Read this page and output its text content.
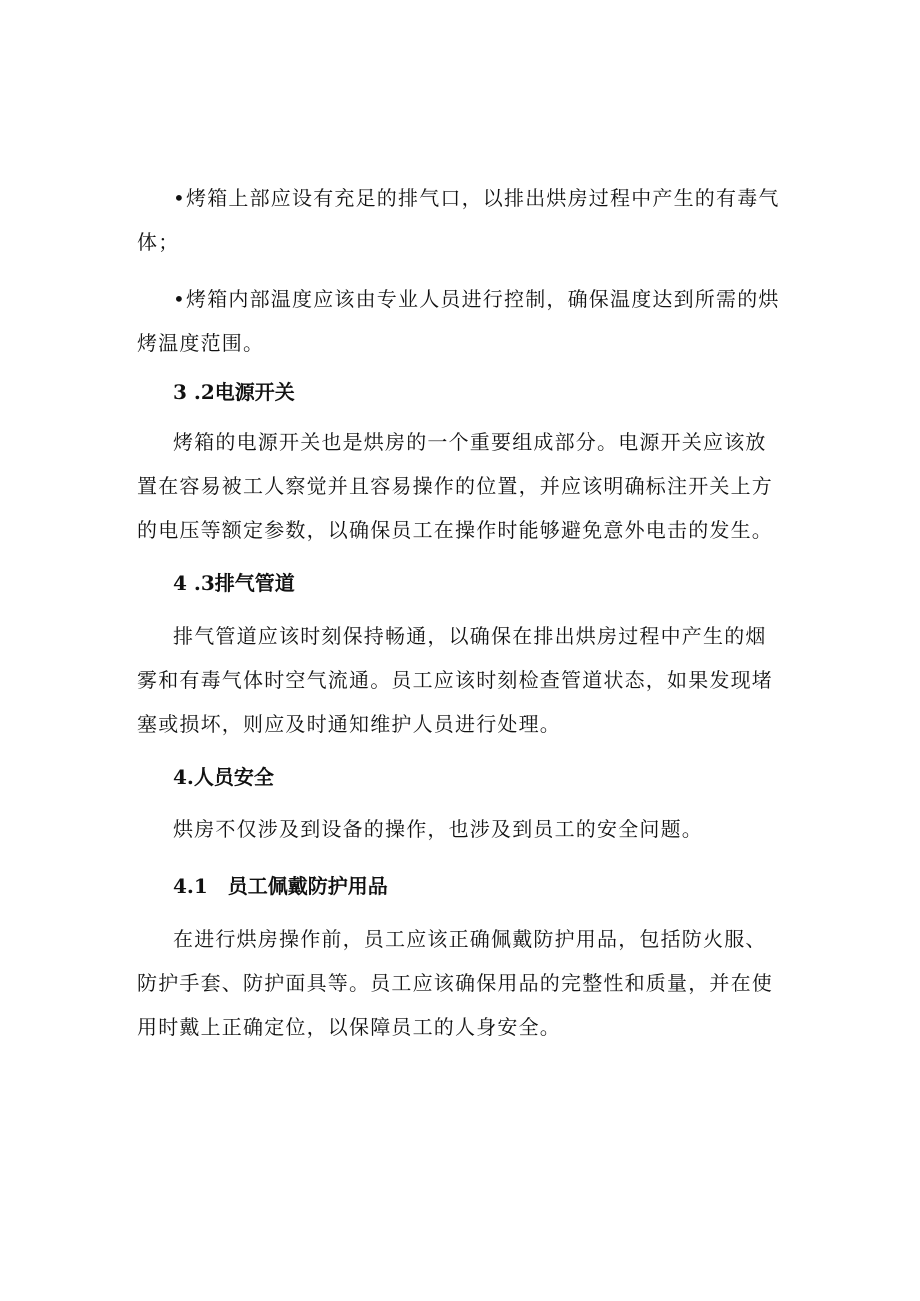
•烤箱上部应设有充足的排气口，以排出烘房过程中产生的有毒气体；

•烤箱内部温度应该由专业人员进行控制，确保温度达到所需的烘烤温度范围。

3 .2电源开关

烤箱的电源开关也是烘房的一个重要组成部分。电源开关应该放置在容易被工人察觉并且容易操作的位置，并应该明确标注开关上方的电压等额定参数，以确保员工在操作时能够避免意外电击的发生。

4 .3排气管道

排气管道应该时刻保持畅通，以确保在排出烘房过程中产生的烟雾和有毒气体时空气流通。员工应该时刻检查管道状态，如果发现堵塞或损坏，则应及时通知维护人员进行处理。

4.人员安全

烘房不仅涉及到设备的操作，也涉及到员工的安全问题。

4.1　员工佩戴防护用品

在进行烘房操作前，员工应该正确佩戴防护用品，包括防火服、防护手套、防护面具等。员工应该确保用品的完整性和质量，并在使用时戴上正确定位，以保障员工的人身安全。
